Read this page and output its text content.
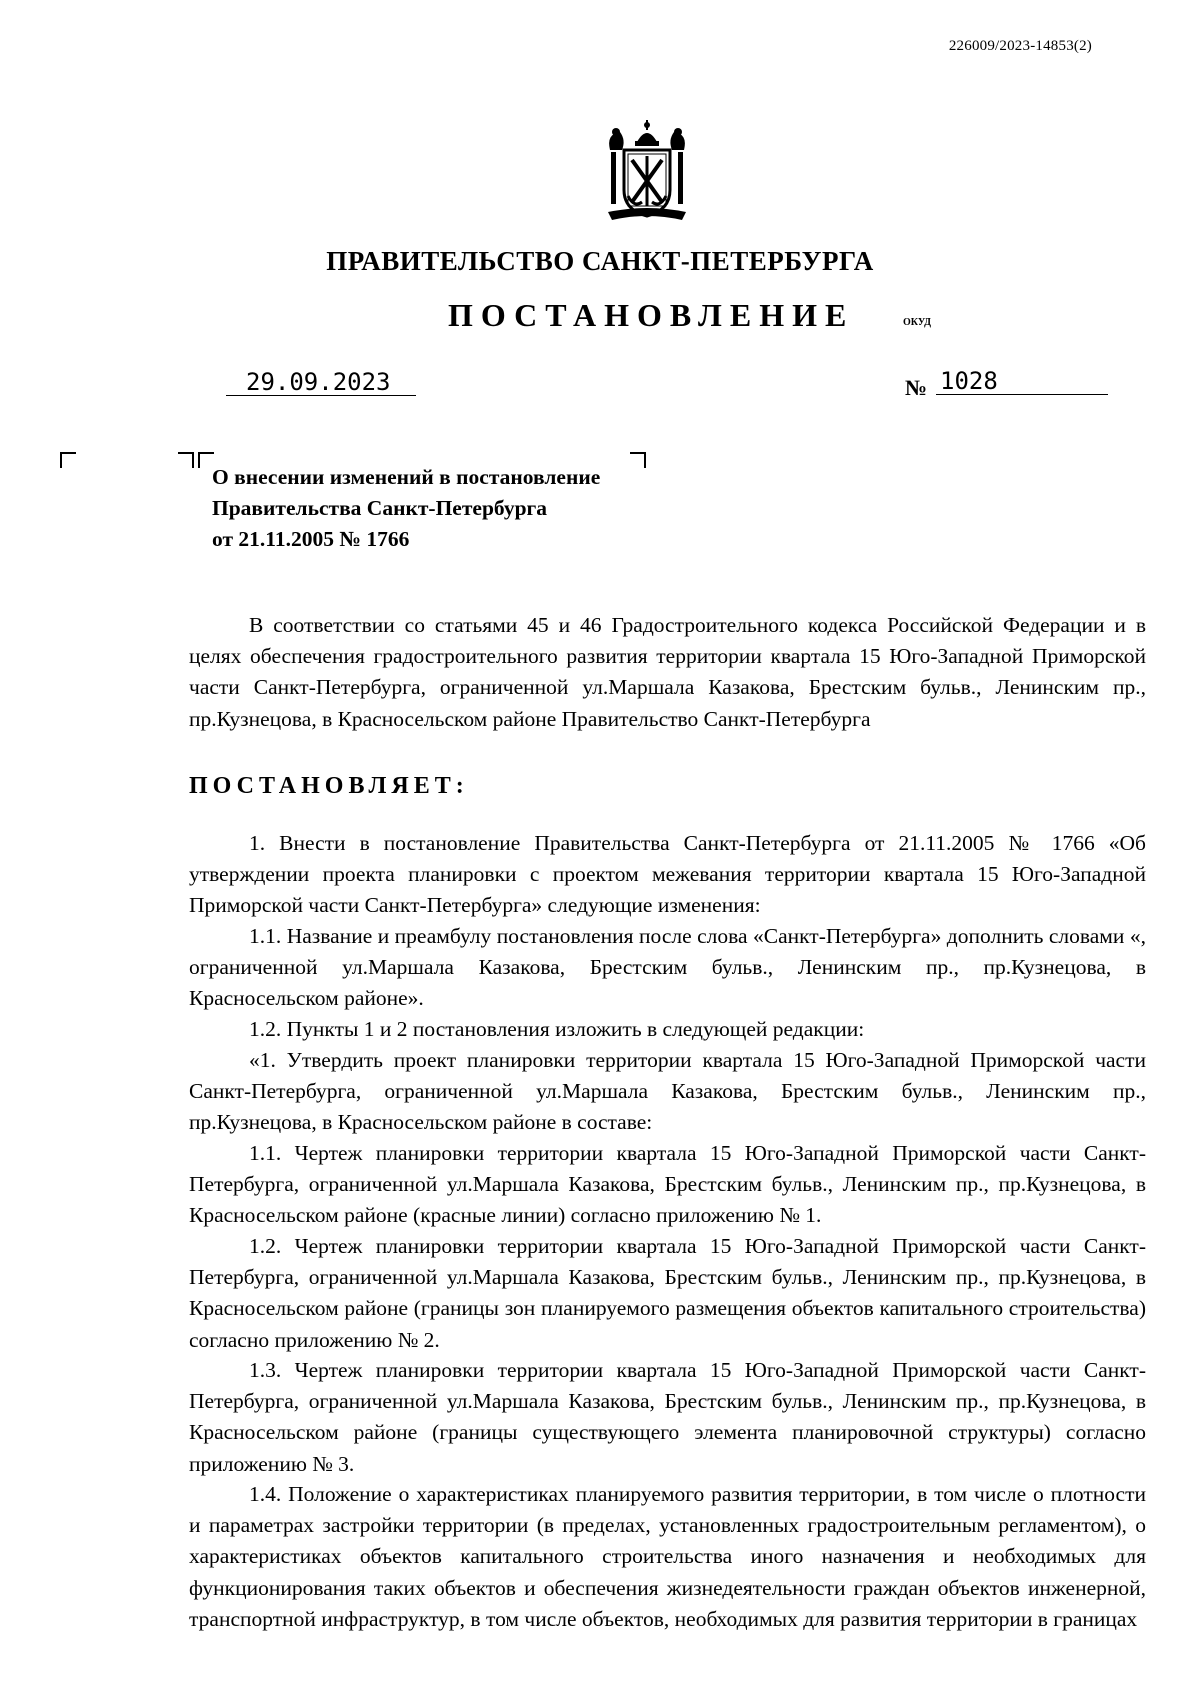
226009/2023-14853(2)
ПРАВИТЕЛЬСТВО САНКТ-ПЕТЕРБУРГА
ПОСТАНОВЛЕНИЕ	ОКУД
29.09.2023	№ 1028
О внесении изменений в постановление
Правительства Санкт-Петербурга
от 21.11.2005 № 1766
В соответствии со статьями 45 и 46 Градостроительного кодекса Российской Федерации и в целях обеспечения градостроительного развития территории квартала 15 Юго-Западной Приморской части Санкт-Петербурга, ограниченной ул.Маршала Казакова, Брестским бульв., Ленинским пр., пр.Кузнецова, в Красносельском районе Правительство Санкт-Петербурга
ПОСТАНОВЛЯЕТ:
1. Внести в постановление Правительства Санкт-Петербурга от 21.11.2005 № 1766 «Об утверждении проекта планировки с проектом межевания территории квартала 15 Юго-Западной Приморской части Санкт-Петербурга» следующие изменения:
1.1. Название и преамбулу постановления после слова «Санкт-Петербурга» дополнить словами «, ограниченной ул.Маршала Казакова, Брестским бульв., Ленинским пр., пр.Кузнецова, в Красносельском районе».
1.2. Пункты 1 и 2 постановления изложить в следующей редакции:
«1. Утвердить проект планировки территории квартала 15 Юго-Западной Приморской части Санкт-Петербурга, ограниченной ул.Маршала Казакова, Брестским бульв., Ленинским пр., пр.Кузнецова, в Красносельском районе в составе:
1.1. Чертеж планировки территории квартала 15 Юго-Западной Приморской части Санкт-Петербурга, ограниченной ул.Маршала Казакова, Брестским бульв., Ленинским пр., пр.Кузнецова, в Красносельском районе (красные линии) согласно приложению № 1.
1.2. Чертеж планировки территории квартала 15 Юго-Западной Приморской части Санкт-Петербурга, ограниченной ул.Маршала Казакова, Брестским бульв., Ленинским пр., пр.Кузнецова, в Красносельском районе (границы зон планируемого размещения объектов капитального строительства) согласно приложению № 2.
1.3. Чертеж планировки территории квартала 15 Юго-Западной Приморской части Санкт-Петербурга, ограниченной ул.Маршала Казакова, Брестским бульв., Ленинским пр., пр.Кузнецова, в Красносельском районе (границы существующего элемента планировочной структуры) согласно приложению № 3.
1.4. Положение о характеристиках планируемого развития территории, в том числе о плотности и параметрах застройки территории (в пределах, установленных градостроительным регламентом), о характеристиках объектов капитального строительства иного назначения и необходимых для функционирования таких объектов и обеспечения жизнедеятельности граждан объектов инженерной, транспортной инфраструктур, в том числе объектов, необходимых для развития территории в границах
